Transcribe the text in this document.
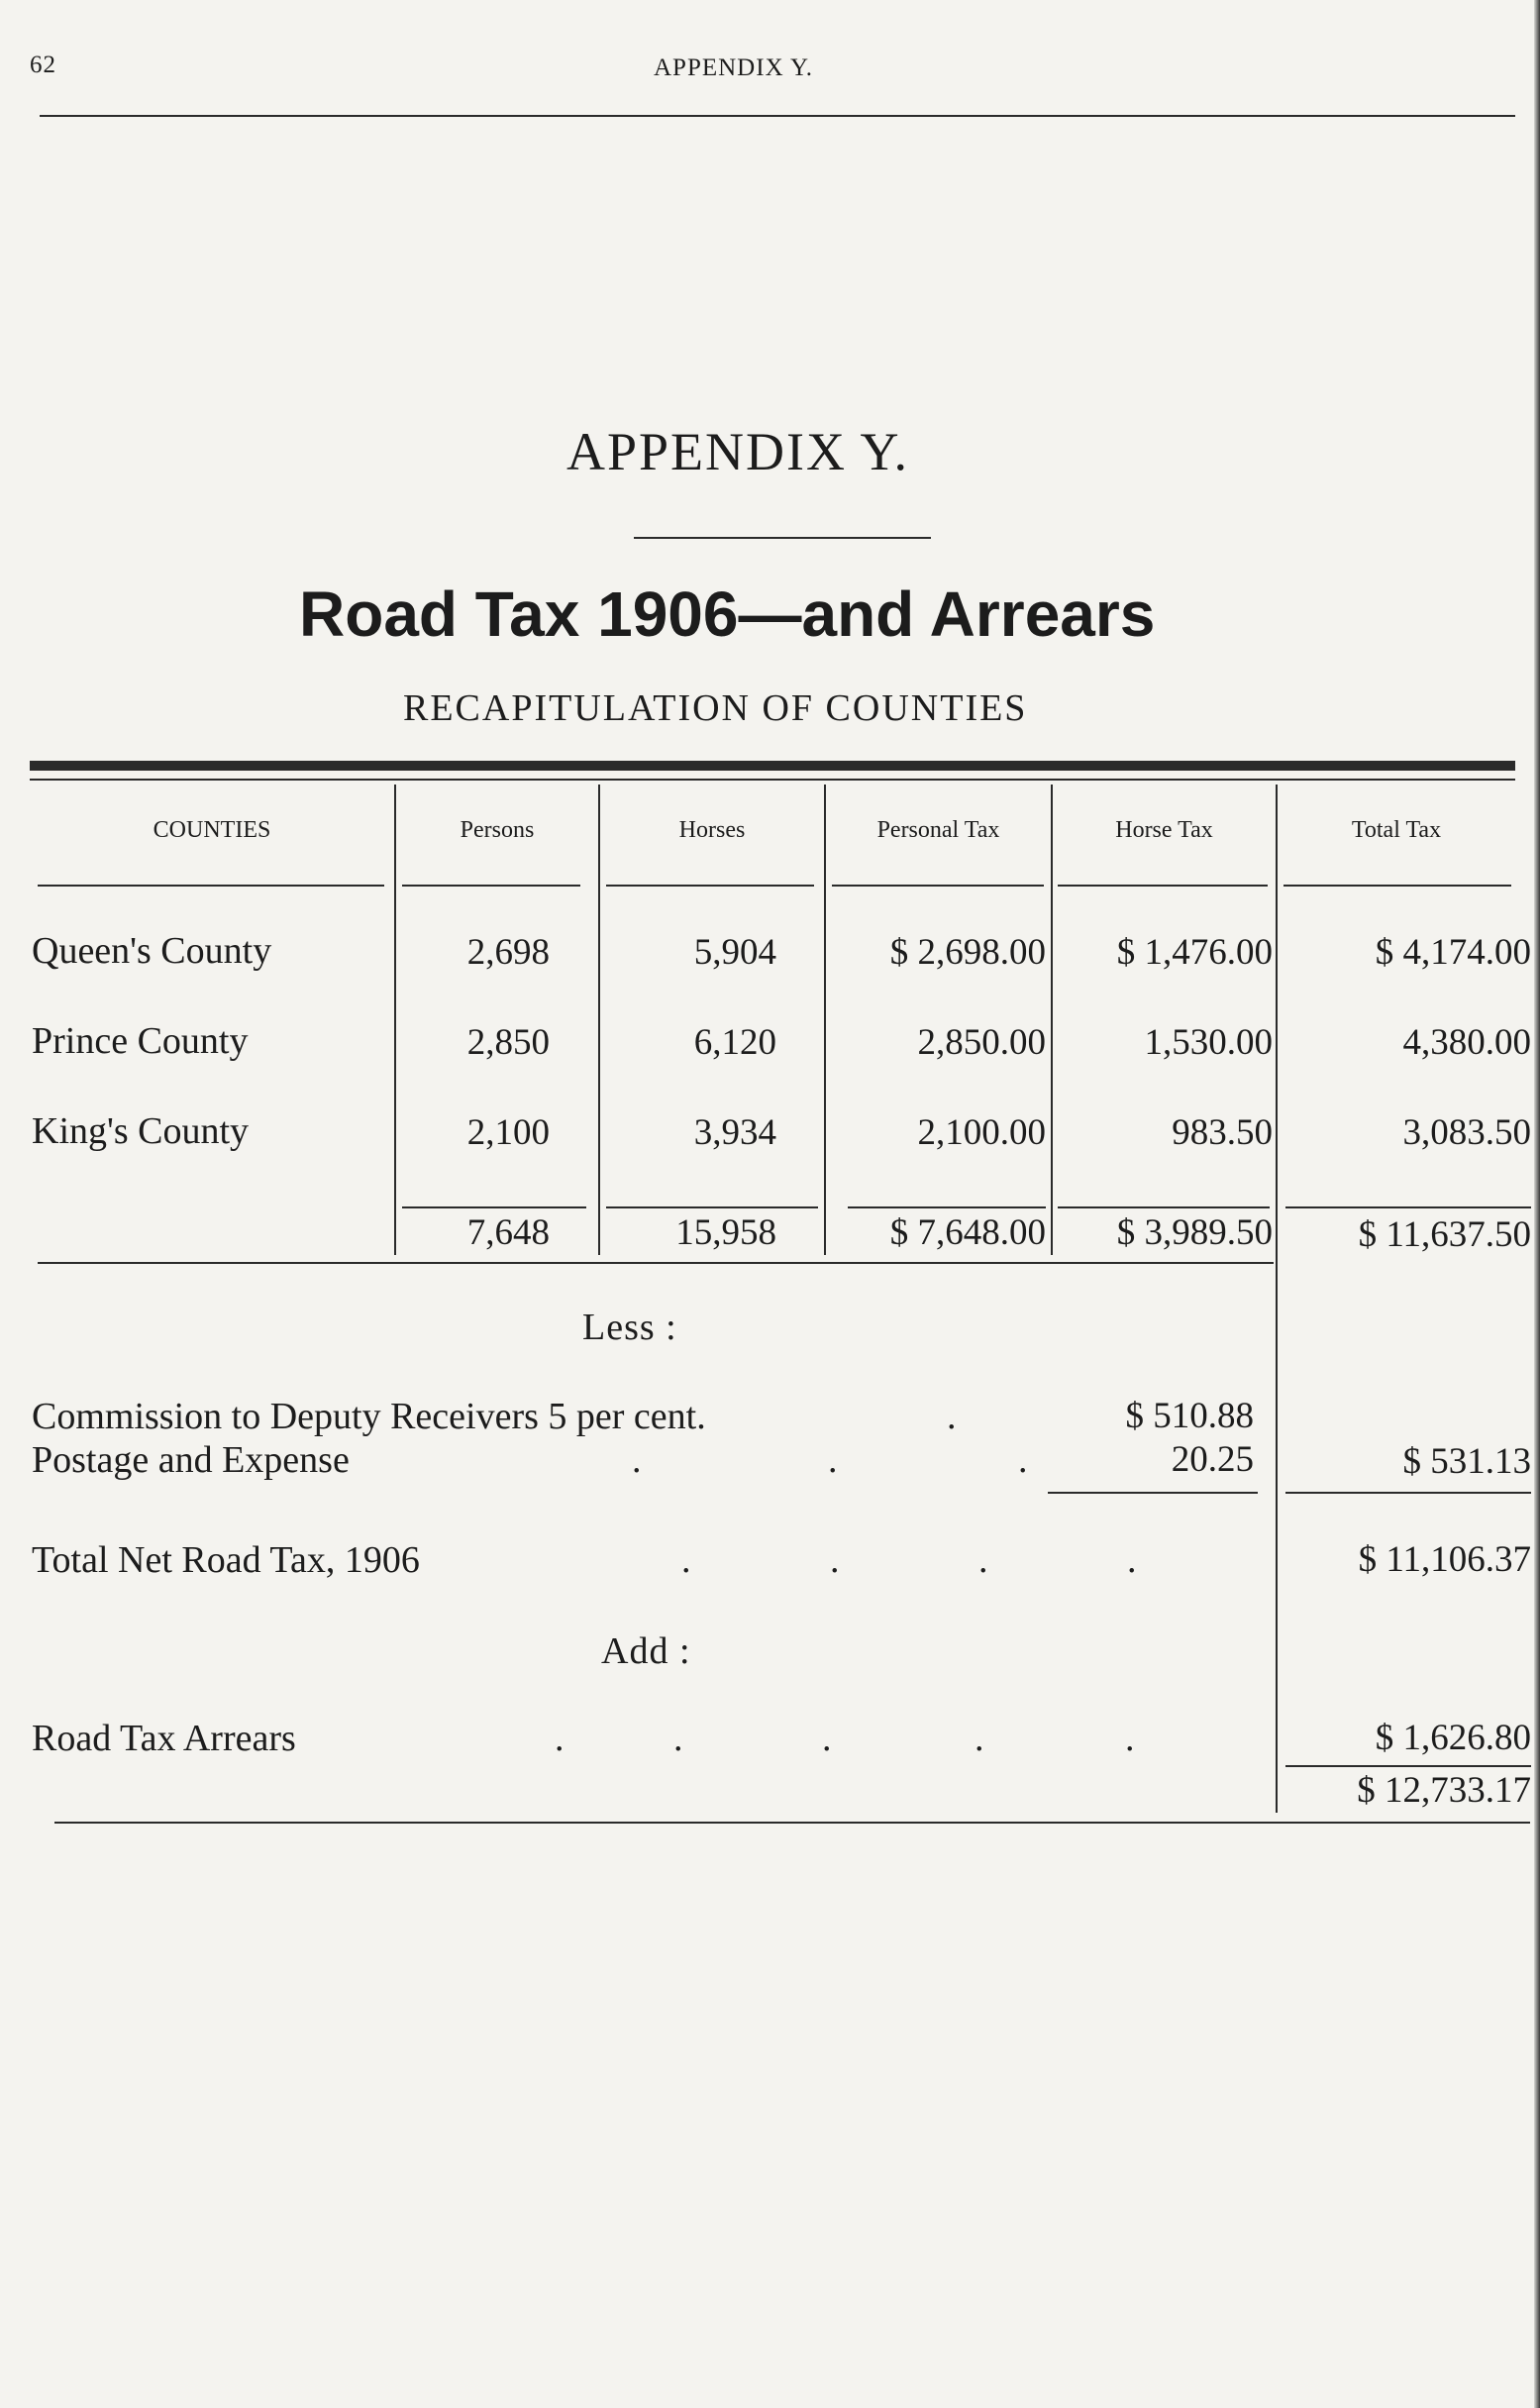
62	APPENDIX Y.
APPENDIX Y.
Road Tax 1906—and Arrears
RECAPITULATION OF COUNTIES
COUNTIES	Persons	Horses	Personal Tax	Horse Tax	Total Tax
Queen's County	2,698	5,904	$ 2,698.00	$ 1,476.00	$ 4,174.00
Prince County	2,850	6,120	2,850.00	1,530.00	4,380.00
King's County	2,100	3,934	2,100.00	983.50	3,083.50
7,648	15,958	$ 7,648.00	$ 3,989.50	$ 11,637.50
Less :
Commission to Deputy Receivers 5 per cent.	.	$ 510.88
Postage and Expense	.	.	.	20.25	$ 531.13
Total Net Road Tax, 1906	.	.	.	.	$ 11,106.37
Add :
Road Tax Arrears	.	.	.	.	.	$ 1,626.80
$ 12,733.17
